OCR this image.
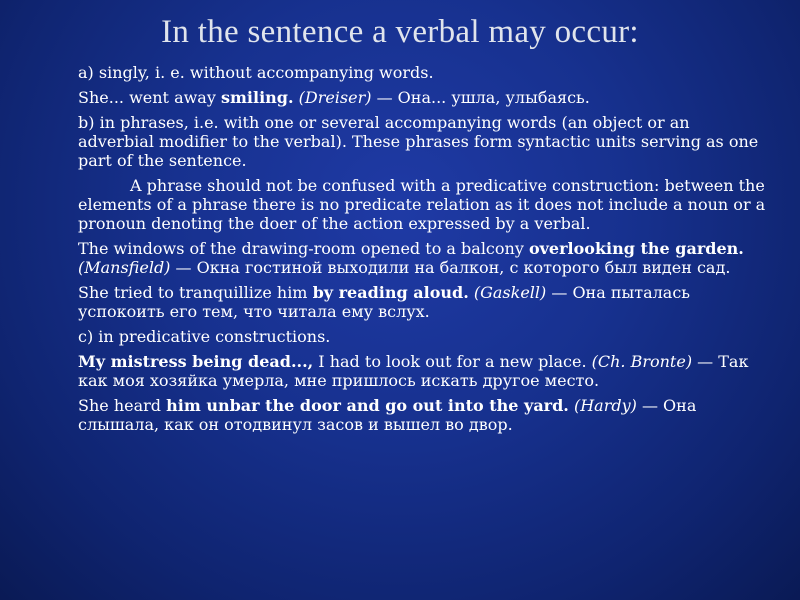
In the sentence a verbal may occur:
a) singly, i. e. without accompanying words.
She... went away smiling. (Dreiser) — Она... ушла, улыбаясь.
b) in phrases, i.e. with one or several accompanying words (an object or an adverbial modifier to the verbal). These phrases form syntactic units serving as one part of the sentence.
A phrase should not be confused with a predicative construction: between the elements of a phrase there is no predicate relation as it does not include a noun or a pronoun denoting the doer of the action expressed by a verbal.
The windows of the drawing-room opened to a balcony overlooking the garden. (Mansfield) — Окна гостиной выходили на балкон, с которого был виден сад.
She tried to tranquillize him by reading aloud. (Gaskell) — Она пыталась успокоить его тем, что читала ему вслух.
c) in predicative constructions.
My mistress being dead..., I had to look out for a new place. (Ch. Bronte) — Так как моя хозяйка умерла, мне пришлось искать другое место.
She heard him unbar the door and go out into the yard. (Hardy) — Она слышала, как он отодвинул засов и вышел во двор.
